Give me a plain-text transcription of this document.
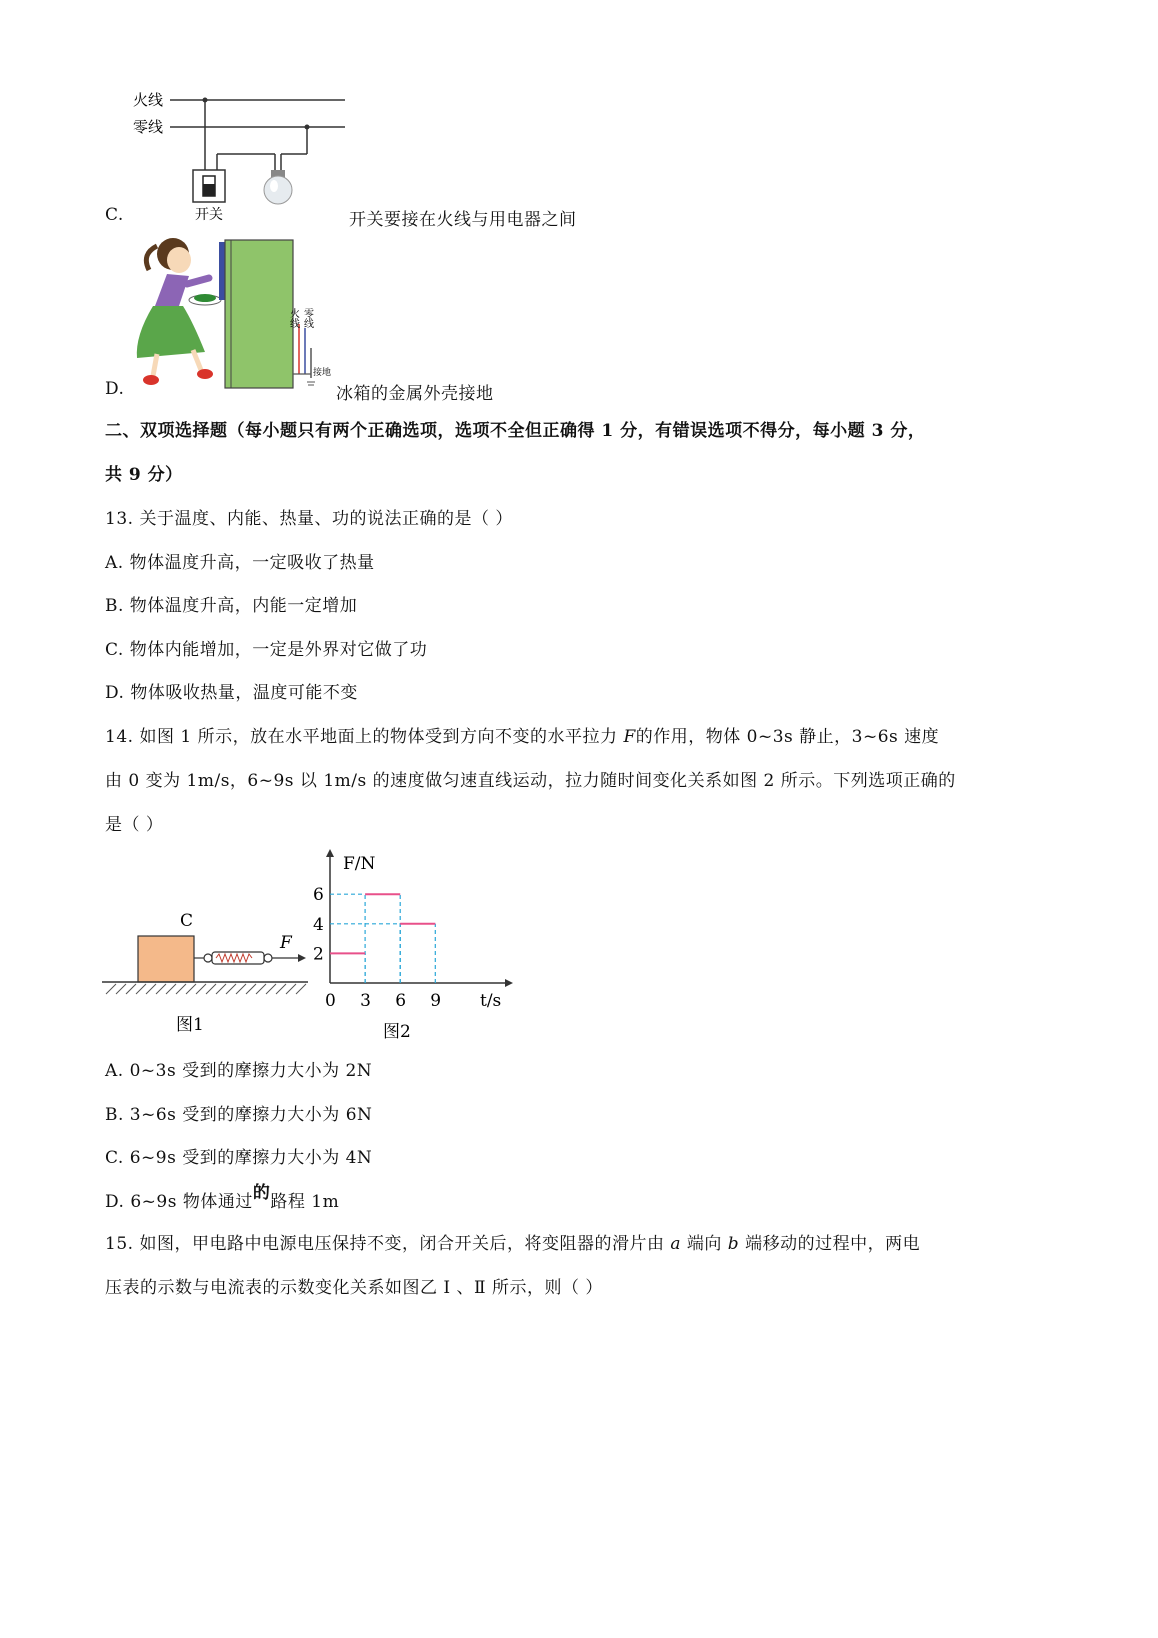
火线
零线
开关
C.	开关要接在火线与用电器之间
火线 零线
接地
D.	冰箱的金属外壳接地
二、双项选择题（每小题只有两个正确选项，选项不全但正确得 1 分，有错误选项不得分，每小题 3 分，
共 9 分）
13. 关于温度、内能、热量、功的说法正确的是（ ）
A. 物体温度升高，一定吸收了热量
B. 物体温度升高，内能一定增加
C. 物体内能增加，一定是外界对它做了功
D. 物体吸收热量，温度可能不变
14. 如图 1 所示，放在水平地面上的物体受到方向不变的水平拉力 F的作用，物体 0~3s 静止，3~6s 速度
由 0 变为 1m/s，6~9s 以 1m/s 的速度做匀速直线运动，拉力随时间变化关系如图 2 所示。下列选项正确的
是（ ）
C
F
图1
F/N
t/s
图2
0 3 6 9
6
4
2
A. 0~3s 受到的摩擦力大小为 2N
B. 3~6s 受到的摩擦力大小为 6N
C. 6~9s 受到的摩擦力大小为 4N
D. 6~9s 物体通过的路程 1m
15. 如图，甲电路中电源电压保持不变，闭合开关后，将变阻器的滑片由 a 端向 b 端移动的过程中，两电
压表的示数与电流表的示数变化关系如图乙 Ⅰ 、Ⅱ 所示，则（ ）
